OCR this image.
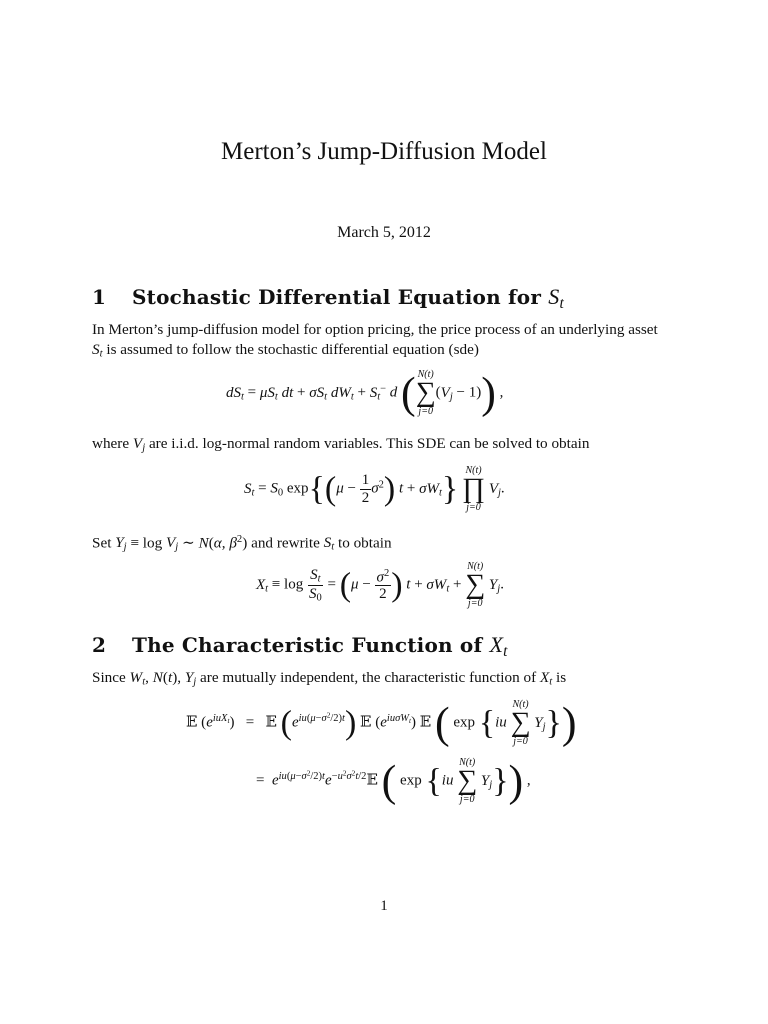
Merton’s Jump-Diffusion Model
March 5, 2012
1 Stochastic Differential Equation for $S_t$
In Merton’s jump-diffusion model for option pricing, the price process of an underlying asset
$S_t$ is assumed to follow the stochastic differential equation (sde)
$dS_t = \mu S_t$ dt + $\sigma S_t$ $dW_t + S_t^-$ d ( N(t)
∑
j=0
$(V_j - 1)$) ,
where $V_j$ are i.i.d. log-normal random variables. This SDE can be solved to obtain
$S_t = S_0$ $\exp\{(\mu - \frac{1}{2} \sigma^2)$ $t + \sigma W_t$} N(t)
∏
j=0
$V_j$.
Set $Y_j \equiv \log V_j$ ∼ N(α, $\beta^2$) and rewrite $S_t$ to obtain
$X_t \equiv \log \frac{S_t}{S_0} = (\mu - \frac{\sigma^2}{2}$ ) $t + \sigma W_t$ +
N(t)
∑
j=0
$Y_j$.
2 The Characteristic Function of $X_t$
Since $W_t$, N(t), $Y_j$ are mutually independent, the characteristic function of $X_t$ is
𝔼 $(e^{iuX_t})$   =   𝔼 $(e^{iu(\mu-\sigma^2/2)t})$ 𝔼 $(e^{iu\sigma W_t})$ 𝔼 ( exp {iu
N(t)
∑
j=0
$Y_j$})
=  $e^{iu(\mu-\sigma^2/2)t}e^{-u^2\sigma^2t/2}𝔼$ ( exp {iu
N(t)
∑
j=0
$Y_j$}) ,
1
